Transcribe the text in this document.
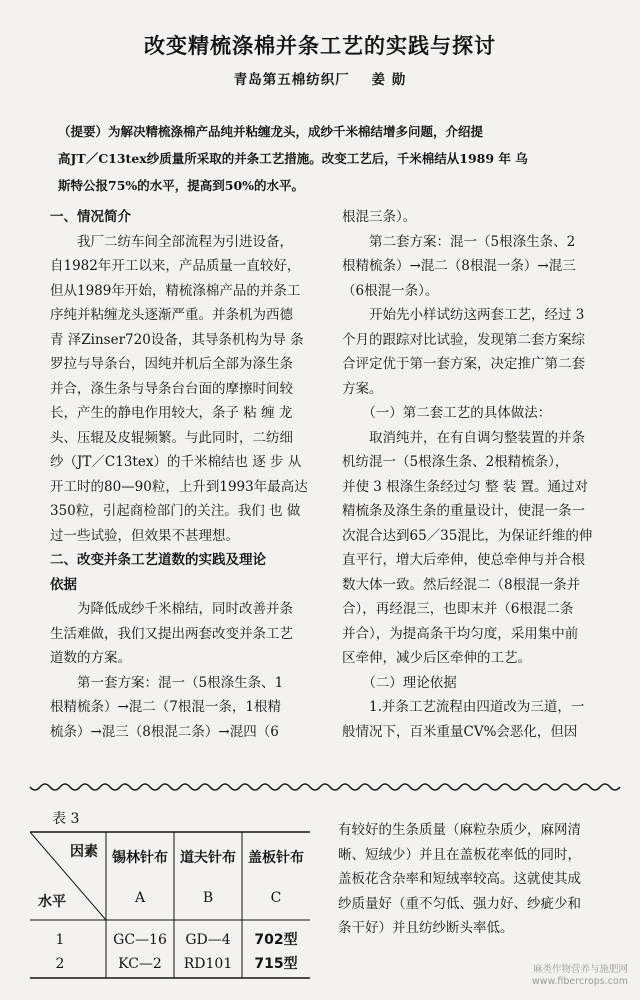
改变精梳涤棉并条工艺的实践与探讨
青岛第五棉纺织厂 姜 勋

（提要）为解决精梳涤棉产品纯并粘缠龙头，成纱千米棉结增多问题，介绍提

高JT／C13tex纱质量所采取的并条工艺措施。改变工艺后，千米棉结从1989 年 乌

斯特公报75%的水平，提高到50%的水平。

一、情况简介

　　我厂二纺车间全部流程为引进设备，

自1982年开工以来，产品质量一直较好，

但从1989年开始，精梳涤棉产品的并条工

序纯并粘缠龙头逐渐严重。并条机为西德

青 泽Zinser720设备，其导条机构为导 条

罗拉与导条台，因纯并机后全部为涤生条

并合，涤生条与导条台台面的摩擦时间较

长，产生的静电作用较大，条子 粘 缠 龙

头、压辊及皮辊频繁。与此同时，二纺细

纱（JT／C13tex）的千米棉结也 逐 步 从

开工时的80—90粒，上升到1993年最高达

350粒，引起商检部门的关注。我们 也 做

过一些试验，但效果不甚理想。

二、改变并条工艺道数的实践及理论

依据

　　为降低成纱千米棉结，同时改善并条

生活难做，我们又提出两套改变并条工艺

道数的方案。

　　第一套方案：混一（5根涤生条、1

根精梳条）→混二（7根混一条，1根精

梳条）→混三（8根混二条）→混四（6

根混三条）。

　　第二套方案：混一（5根涤生条、2

根精梳条）→混二（8根混一条）→混三

（6根混一条）。

　　开始先小样试纺这两套工艺，经过 3

个月的跟踪对比试验，发现第二套方案综

合评定优于第一套方案，决定推广第二套

方案。

　　（一）第二套工艺的具体做法：

　　取消纯并，在有自调匀整装置的并条

机纺混一（5根涤生条、2根精梳条），

并使 3 根涤生条经过匀 整 装 置。通过对

精梳条及涤生条的重量设计，使混一条一

次混合达到65／35混比，为保证纤维的伸

直平行，增大后牵伸，使总牵伸与并合根

数大体一致。然后经混二（8根混一条并

合），再经混三，也即末并（6根混二条

并合），为提高条干均匀度，采用集中前

区牵伸，减少后区牵伸的工艺。

　　（二）理论依据

　　1.并条工艺流程由四道改为三道，一

般情况下，百米重量CV%会恶化，但因

表 3
因素
水平
锡林针布 道夫针布 盖板针布
A	B	C
1	GC—16 GD—4 702型
2	KC—2 RD101 715型

有较好的生条质量（麻粒杂质少，麻网清

晰、短绒少）并且在盖板花率低的同时，

盖板花含杂率和短绒率较高。这就使其成

纱质量好（重不匀低、强力好、纱疵少和

条干好）并且纺纱断头率低。

麻类作物营养与施肥网
www.fibercrops.com
